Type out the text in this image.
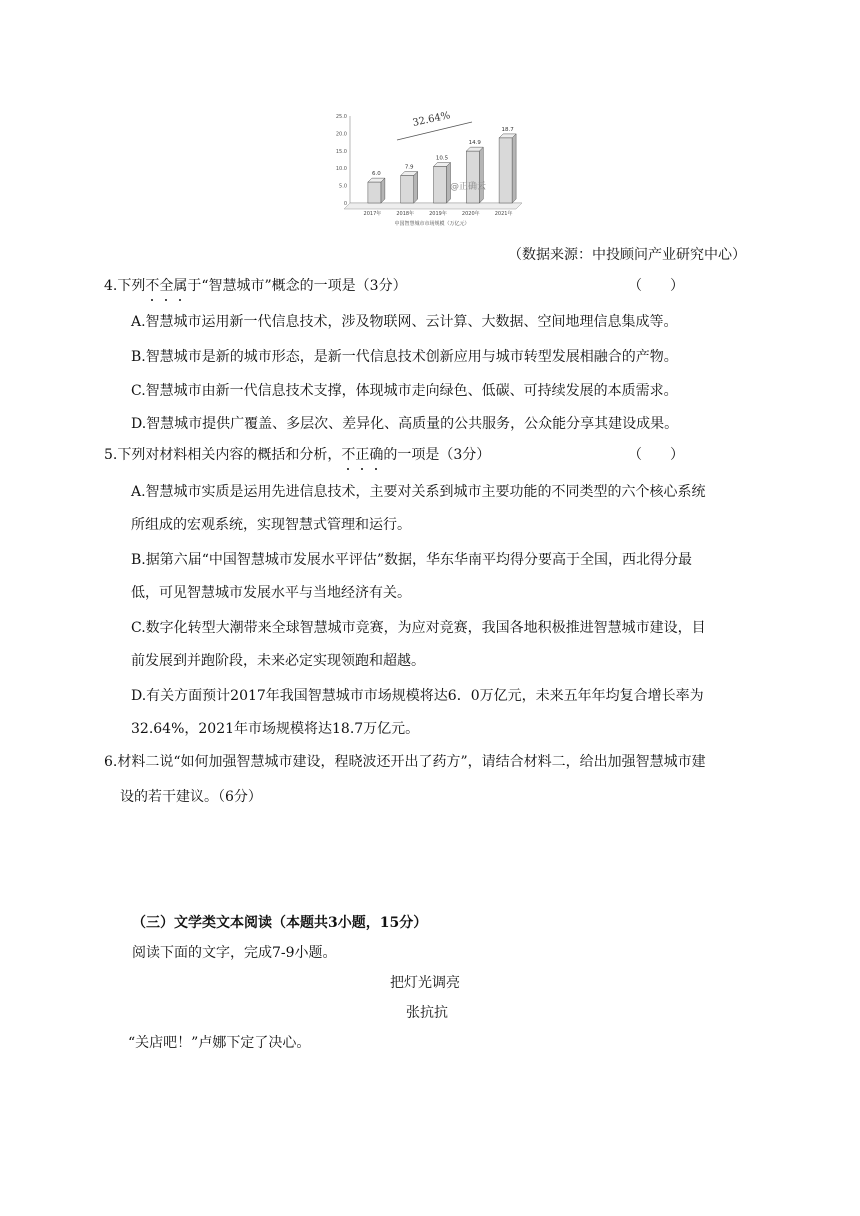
0
5.0
10.0
15.0
20.0
25.0
6.0
2017年
7.9
2018年
10.5
2019年
14.9
2020年
18.7
2021年
中国智慧城市市场规模（万亿元）
32.64%
@正确云
（数据来源：中投顾问产业研究中心）
4.下列不全属于“智慧城市”概念的一项是（3分）	（　　）
A.智慧城市运用新一代信息技术，涉及物联网、云计算、大数据、空间地理信息集成等。
B.智慧城市是新的城市形态，是新一代信息技术创新应用与城市转型发展相融合的产物。
C.智慧城市由新一代信息技术支撑，体现城市走向绿色、低碳、可持续发展的本质需求。
D.智慧城市提供广覆盖、多层次、差异化、高质量的公共服务，公众能分享其建设成果。
5.下列对材料相关内容的概括和分析，不正确的一项是（3分）	（　　）
A.智慧城市实质是运用先进信息技术，主要对关系到城市主要功能的不同类型的六个核心系统
所组成的宏观系统，实现智慧式管理和运行。
B.据第六届“中国智慧城市发展水平评估”数据，华东华南平均得分要高于全国，西北得分最
低，可见智慧城市发展水平与当地经济有关。
C.数字化转型大潮带来全球智慧城市竞赛，为应对竞赛，我国各地积极推进智慧城市建设，目
前发展到并跑阶段，未来必定实现领跑和超越。
D.有关方面预计2017年我国智慧城市市场规模将达6．0万亿元，未来五年年均复合增长率为
32.64%，2021年市场规模将达18.7万亿元。
6.材料二说“如何加强智慧城市建设，程晓波还开出了药方”，请结合材料二，给出加强智慧城市建
设的若干建议。（6分）
（三）文学类文本阅读（本题共3小题，15分）
阅读下面的文字，完成7-9小题。
把灯光调亮
张抗抗
“关店吧！”卢娜下定了决心。
